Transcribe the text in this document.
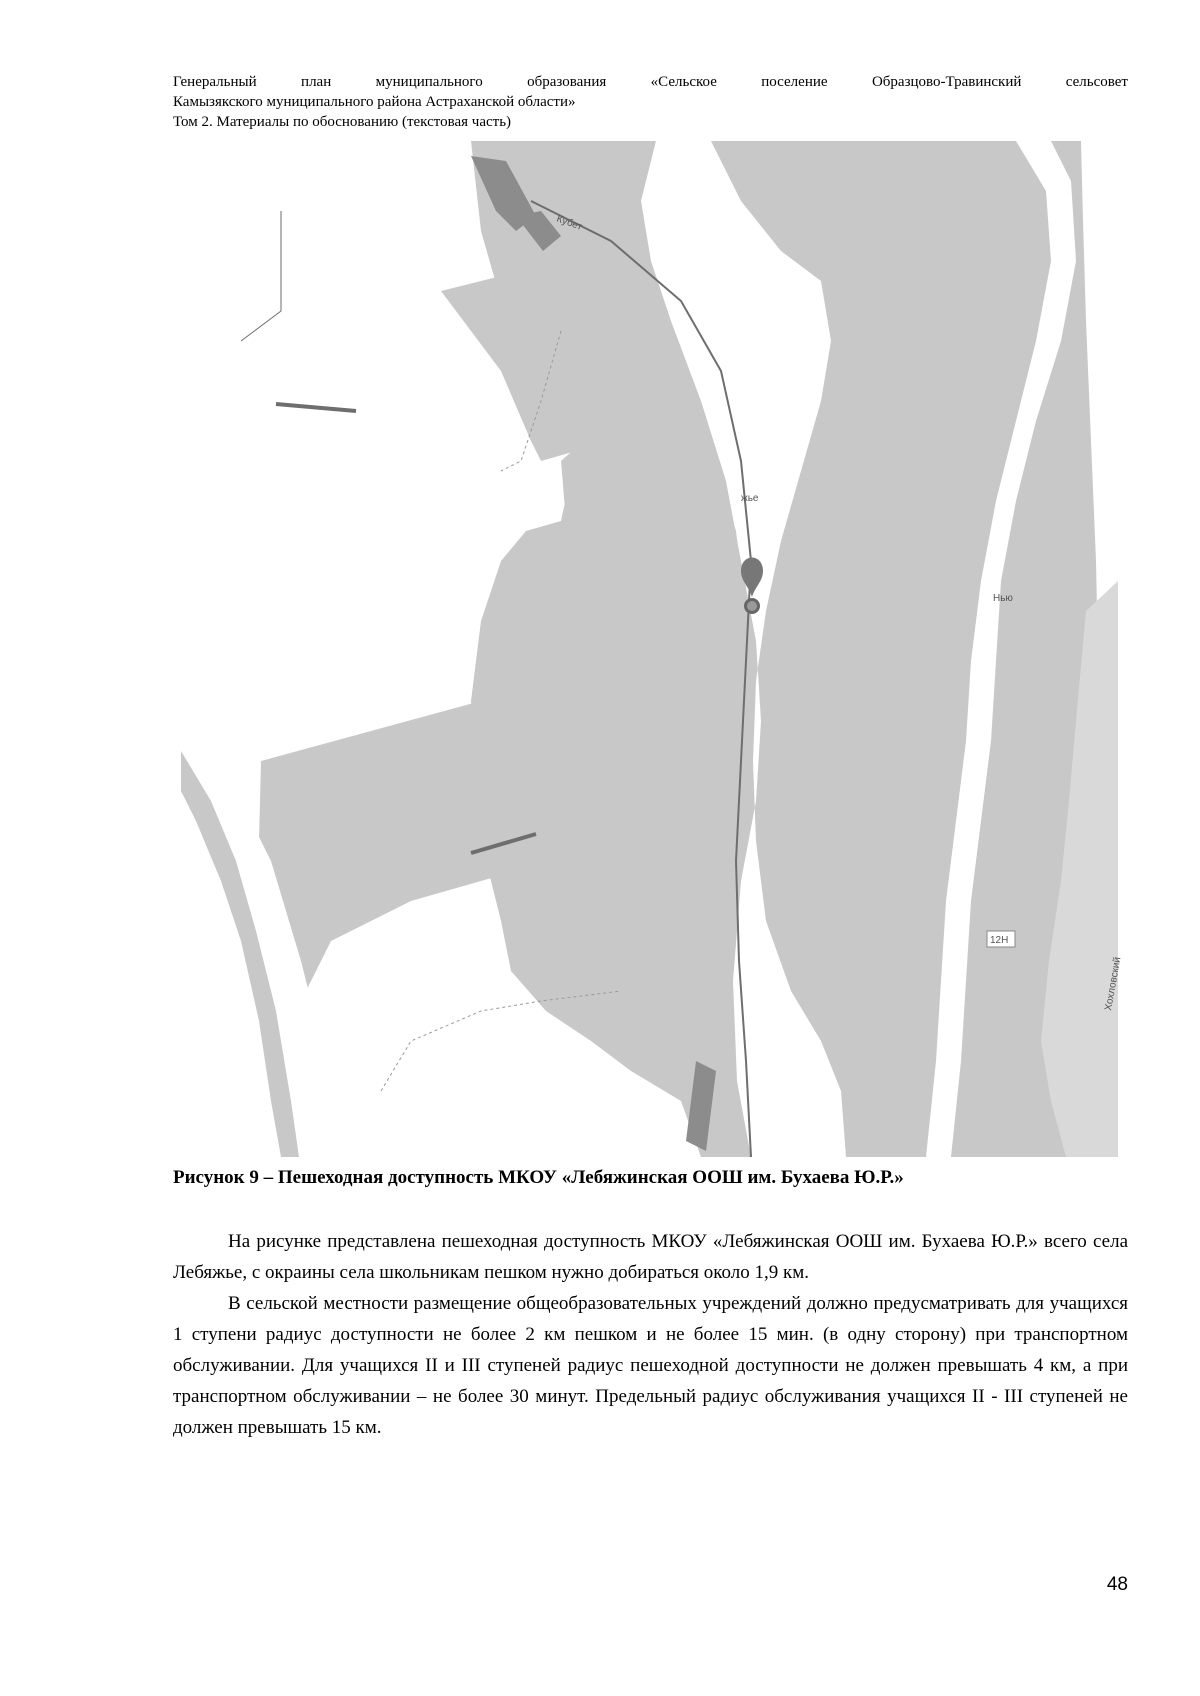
Генеральный план муниципального образования «Сельское поселение Образцово-Травинский сельсовет
Камызякского муниципального района Астраханской области»
Том 2. Материалы по обоснованию (текстовая часть)
Кубет
жье
Нью
12Н
Хохловский
Рисунок 9 – Пешеходная доступность МКОУ «Лебяжинская ООШ им. Бухаева Ю.Р.»

На рисунке представлена пешеходная доступность МКОУ «Лебяжинская ООШ им. Бухаева Ю.Р.» всего села Лебяжье, с окраины села школьникам пешком нужно добираться около 1,9 км.

В сельской местности размещение общеобразовательных учреждений должно предусматривать для учащихся 1 ступени радиус доступности не более 2 км пешком и не более 15 мин. (в одну сторону) при транспортном обслуживании. Для учащихся II и III ступеней радиус пешеходной доступности не должен превышать 4 км, а при транспортном обслуживании – не более 30 минут. Предельный радиус обслуживания учащихся II - III ступеней не должен превышать 15 км.

48
